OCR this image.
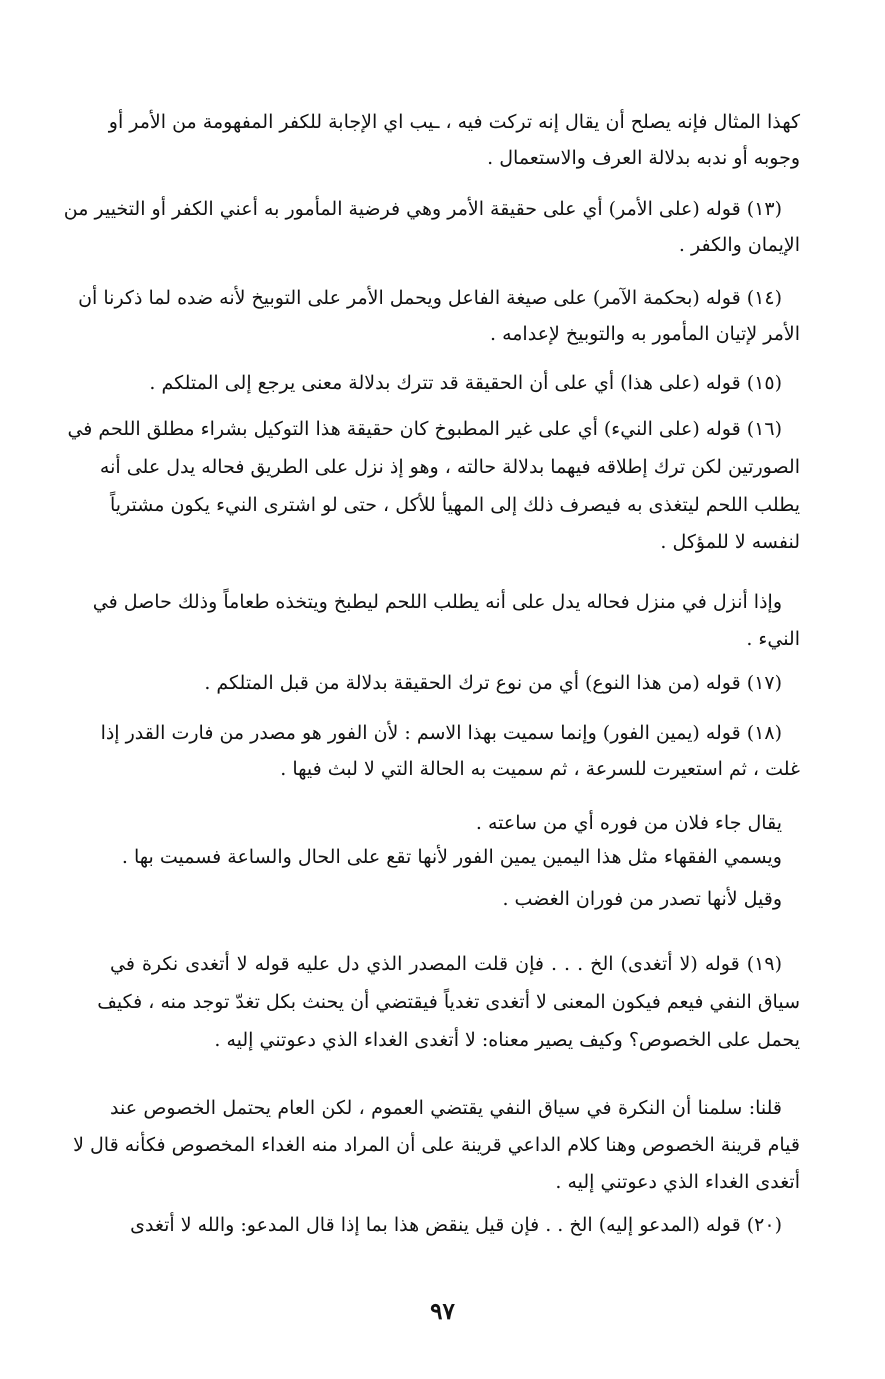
كهذا المثال فإنه يصلح أن يقال إنه تركت فيه ، ـيب اي الإجابة للكفر المفهومة من الأمر أو
وجوبه أو ندبه بدلالة العرف والاستعمال .
(١٣) قوله (على الأمر) أي على حقيقة الأمر وهي فرضية المأمور به أعني الكفر أو التخيير من
الإيمان والكفر .
(١٤) قوله (بحكمة الآمر) على صيغة الفاعل ويحمل الأمر على التوبيخ لأنه ضده لما ذكرنا أن
الأمر لإتيان المأمور به والتوبيخ لإعدامه .
(١٥) قوله (على هذا) أي على أن الحقيقة قد تترك بدلالة معنى يرجع إلى المتلكم .
(١٦) قوله (على النيء) أي على غير المطبوخ كان حقيقة هذا التوكيل بشراء مطلق اللحم في
الصورتين لكن ترك إطلاقه فيهما بدلالة حالته ، وهو إذ نزل على الطريق فحاله يدل على أنه
يطلب اللحم ليتغذى به فيصرف ذلك إلى المهيأ للأكل ، حتى لو اشترى النيء يكون مشترياً
لنفسه لا للمؤكل .
وإذا أنزل في منزل فحاله يدل على أنه يطلب اللحم ليطبخ ويتخذه طعاماً وذلك حاصل في
النيء .
(١٧) قوله (من هذا النوع) أي من نوع ترك الحقيقة بدلالة من قبل المتلكم .
(١٨) قوله (يمين الفور) وإنما سميت بهذا الاسم : لأن الفور هو مصدر من فارت القدر إذا
غلت ، ثم استعيرت للسرعة ، ثم سميت به الحالة التي لا لبث فيها .
يقال جاء فلان من فوره أي من ساعته .
ويسمي الفقهاء مثل هذا اليمين يمين الفور لأنها تقع على الحال والساعة فسميت بها .
وقيل لأنها تصدر من فوران الغضب .
(١٩) قوله (لا أتغدى) الخ . . . فإن قلت المصدر الذي دل عليه قوله لا أتغدى نكرة في
سياق النفي فيعم فيكون المعنى لا أتغدى تغدياً فيقتضي أن يحنث بكل تغدّ توجد منه ، فكيف
يحمل على الخصوص؟ وكيف يصير معناه: لا أتغدى الغداء الذي دعوتني إليه .
قلنا: سلمنا أن النكرة في سياق النفي يقتضي العموم ، لكن العام يحتمل الخصوص عند
قيام قرينة الخصوص وهنا كلام الداعي قرينة على أن المراد منه الغداء المخصوص فكأنه قال لا
أتغدى الغداء الذي دعوتني إليه .
(٢٠) قوله (المدعو إليه) الخ . . فإن قيل ينقض هذا بما إذا قال المدعو: والله لا أتغدى
٩٧
